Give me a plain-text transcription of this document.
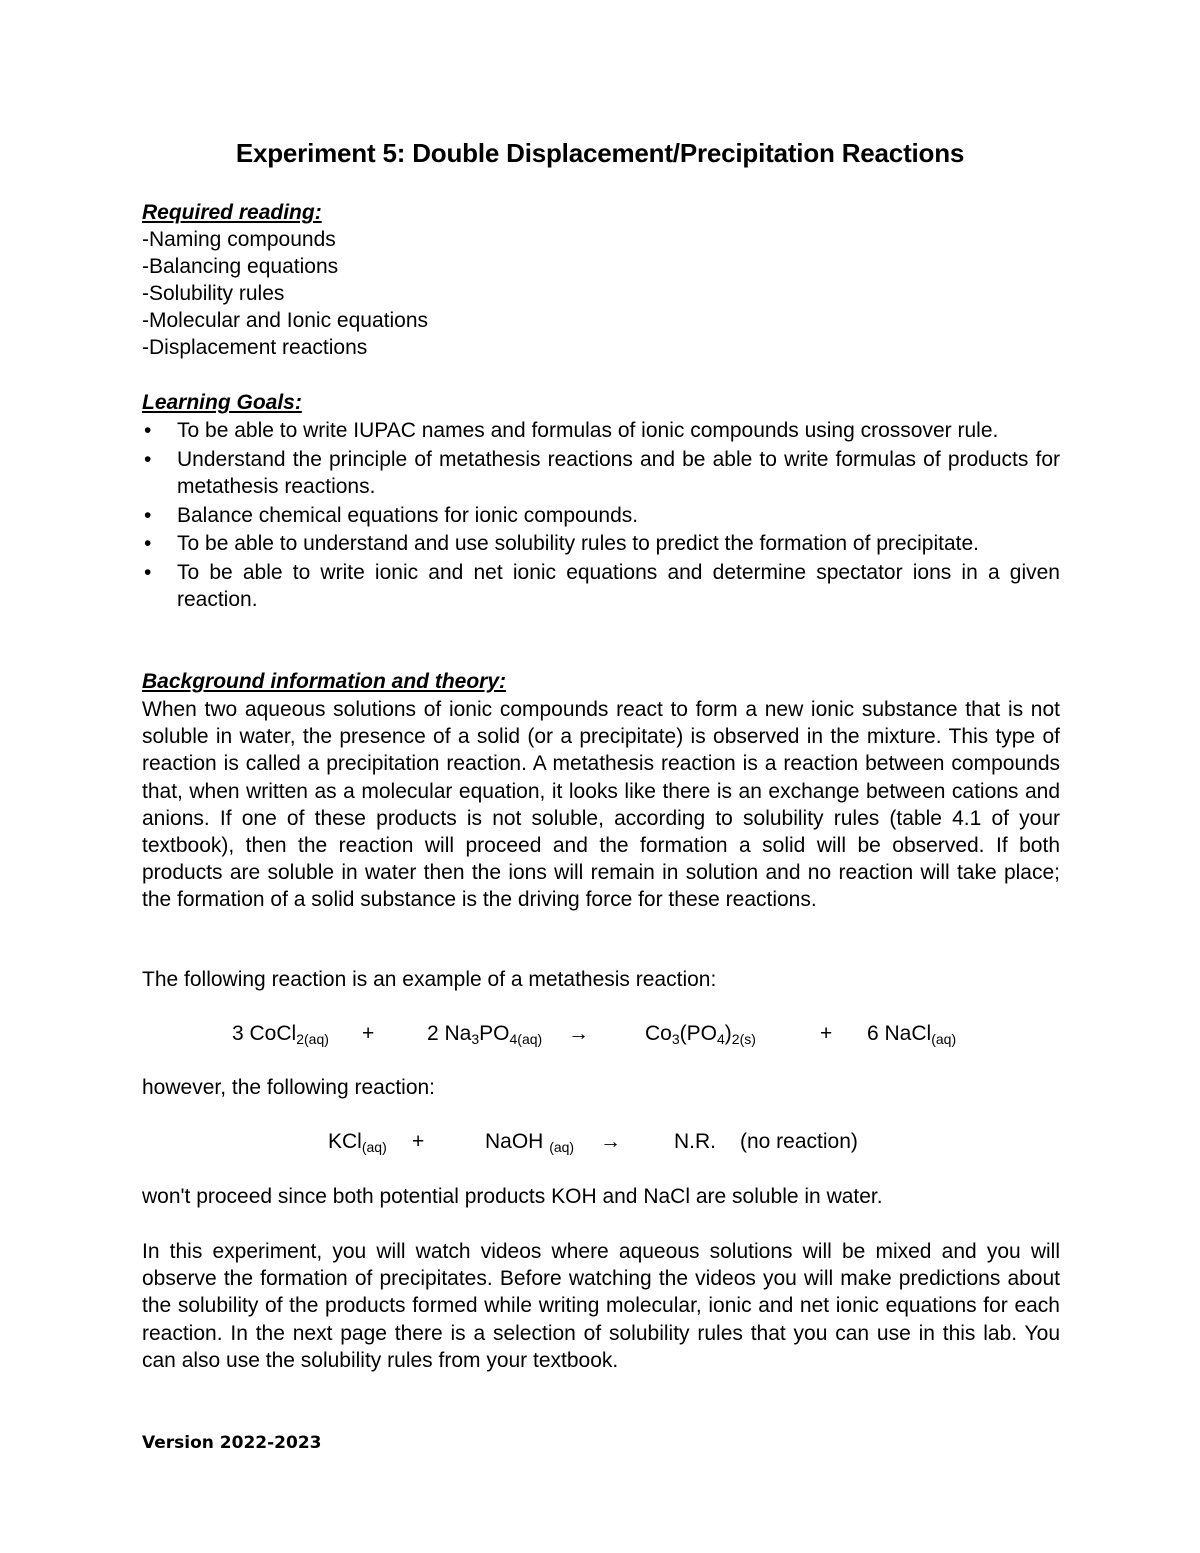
Experiment 5: Double Displacement/Precipitation Reactions
Required reading:
-Naming compounds
-Balancing equations
-Solubility rules
-Molecular and Ionic equations
-Displacement reactions
Learning Goals:
• To be able to write IUPAC names and formulas of ionic compounds using crossover rule.
• Understand the principle of metathesis reactions and be able to write formulas of products for metathesis reactions.
• Balance chemical equations for ionic compounds.
• To be able to understand and use solubility rules to predict the formation of precipitate.
• To be able to write ionic and net ionic equations and determine spectator ions in a given reaction.
Background information and theory:

When two aqueous solutions of ionic compounds react to form a new ionic substance that is not soluble in water, the presence of a solid (or a precipitate) is observed in the mixture. This type of reaction is called a precipitation reaction. A metathesis reaction is a reaction between compounds that, when written as a molecular equation, it looks like there is an exchange between cations and anions. If one of these products is not soluble, according to solubility rules (table 4.1 of your textbook), then the reaction will proceed and the formation a solid will be observed. If both products are soluble in water then the ions will remain in solution and no reaction will take place; the formation of a solid substance is the driving force for these reactions.

The following reaction is an example of a metathesis reaction:
3 CoCl$_{2(aq)}$ +	2 $Na_3PO_{4(aq)}$ →	$Co_3(PO_4)_{2(s)}$	+ 6 NaCl$_{(aq)}$
however, the following reaction:
KCl$_{(aq)}$ +	NaOH $_{(aq)}$ →	N.R. (no reaction)
won't proceed since both potential products KOH and NaCl are soluble in water.

In this experiment, you will watch videos where aqueous solutions will be mixed and you will observe the formation of precipitates. Before watching the videos you will make predictions about the solubility of the products formed while writing molecular, ionic and net ionic equations for each reaction. In the next page there is a selection of solubility rules that you can use in this lab. You can also use the solubility rules from your textbook.

Version 2022-2023
